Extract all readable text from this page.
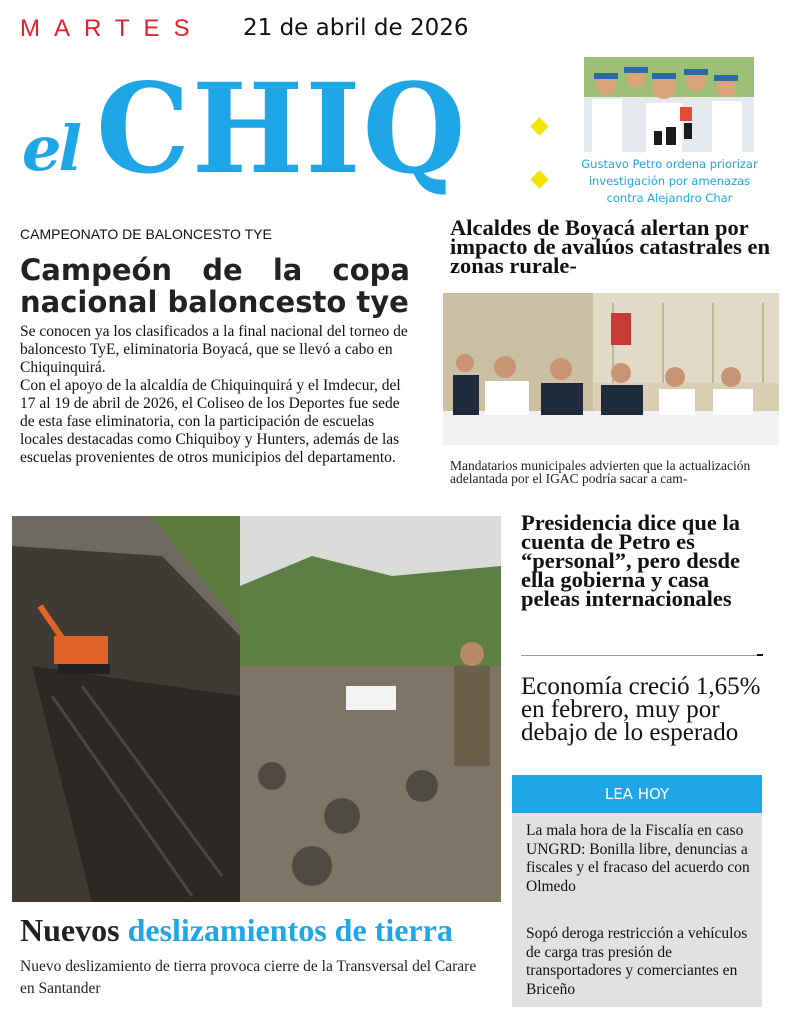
MARTES 21 de abril de 2026
el CHIQ	Gustavo Petro ordena priorizar investigación por amenazas contra Alejandro Char
CAMPEONATO DE BALONCESTO TYE
Campeón de la copa
nacional baloncesto tye

Se conocen ya los clasificados a la final nacional del torneo de baloncesto TyE, eliminatoria Boyacá, que se llevó a cabo en Chiquinquirá.

Con el apoyo de la alcaldía de Chiquinquirá y el Imdecur, del 17 al 19 de abril de 2026, el Coliseo de los Deportes fue sede de esta fase eliminatoria, con la participación de escuelas locales destacadas como Chiquiboy y Hunters, además de las escuelas provenientes de otros municipios del departamento.

Alcaldes de Boyacá alertan por impacto de avalúos catastrales en zonas rurale-
Mandatarios municipales advierten que la actualización adelantada por el IGAC podría sacar a cam-
Nuevos deslizamientos de tierra
Nuevo deslizamiento de tierra provoca cierre de la Transversal del Carare en Santander
Presidencia dice que la cuenta de Petro es “personal”, pero desde ella gobierna y casa peleas internacionales
Economía creció 1,65% en febrero, muy por debajo de lo esperado
LEA HOY
La mala hora de la Fiscalía en caso UNGRD: Bonilla libre, denuncias a fiscales y el fracaso del acuerdo con Olmedo
Sopó deroga restricción a vehículos de carga tras presión de transportadores y comerciantes en Briceño
